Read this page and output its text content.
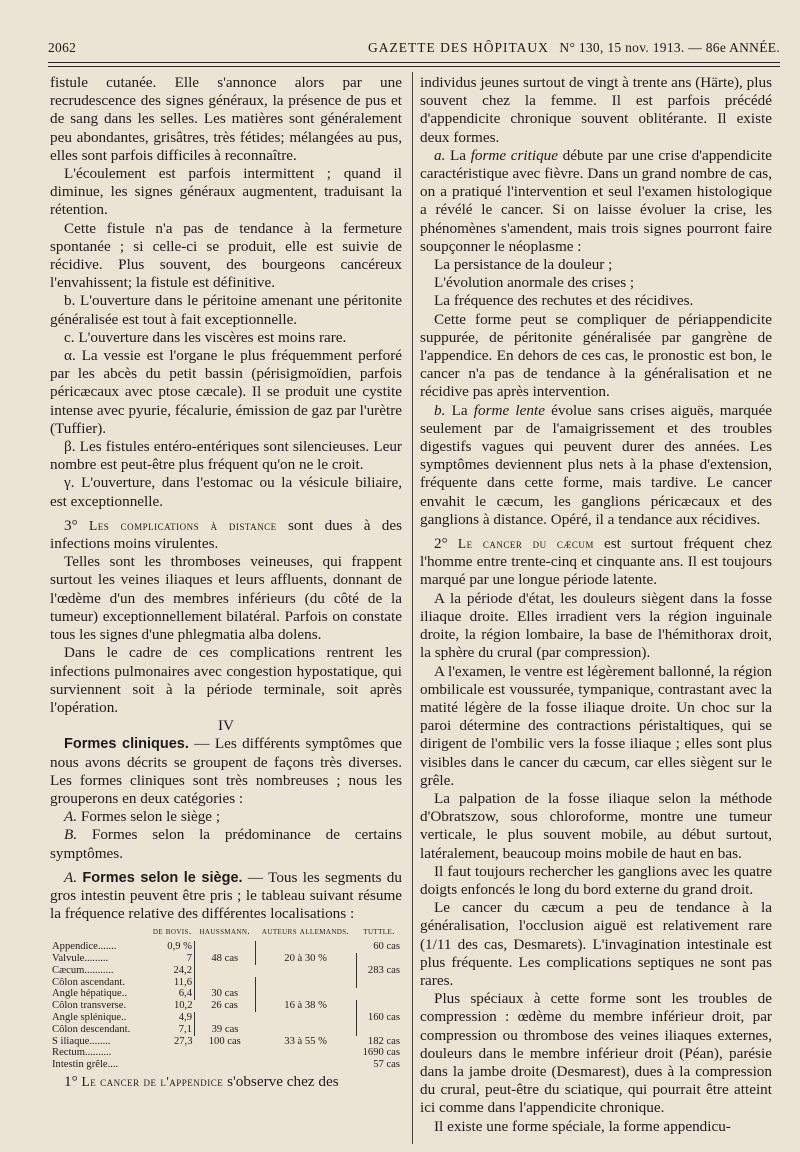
2062	GAZETTE DES HÔPITAUX N° 130, 15 nov. 1913. — 86e ANNÉE.

fistule cutanée. Elle s'annonce alors par une recrudescence des signes généraux, la présence de pus et de sang dans les selles. Les matières sont généralement peu abondantes, grisâtres, très fétides; mélangées au pus, elles sont parfois difficiles à reconnaître.

L'écoulement est parfois intermittent ; quand il diminue, les signes généraux augmentent, traduisant la rétention.

Cette fistule n'a pas de tendance à la fermeture spontanée ; si celle-ci se produit, elle est suivie de récidive. Plus souvent, des bourgeons cancéreux l'envahissent; la fistule est définitive.

b. L'ouverture dans le péritoine amenant une péritonite généralisée est tout à fait exceptionnelle.

c. L'ouverture dans les viscères est moins rare.

α. La vessie est l'organe le plus fréquemment perforé par les abcès du petit bassin (périsigmoïdien, parfois péricæcaux avec ptose cæcale). Il se produit une cystite intense avec pyurie, fécalurie, émission de gaz par l'urètre (Tuffier).

β. Les fistules entéro-entériques sont silencieuses. Leur nombre est peut-être plus fréquent qu'on ne le croit.

γ. L'ouverture, dans l'estomac ou la vésicule biliaire, est exceptionnelle.

3° Les complications à distance sont dues à des infections moins virulentes.

Telles sont les thromboses veineuses, qui frappent surtout les veines iliaques et leurs affluents, donnant de l'œdème d'un des membres inférieurs (du côté de la tumeur) exceptionnellement bilatéral. Parfois on constate tous les signes d'une phlegmatia alba dolens.

Dans le cadre de ces complications rentrent les infections pulmonaires avec congestion hypostatique, qui surviennent soit à la période terminale, soit après l'opération.

IV

Formes cliniques. — Les différents symptômes que nous avons décrits se groupent de façons très diverses. Les formes cliniques sont très nombreuses ; nous les grouperons en deux catégories :

A. Formes selon le siège ;

B. Formes selon la prédominance de certains symptômes.

A. Formes selon le siège. — Tous les segments du gros intestin peuvent être pris ; le tableau suivant résume la fréquence relative des différentes localisations :

	de bovis.	haussmann.	auteurs allemands.	tuttle.
Appendice.......	0,9 %			60 cas
Valvule.........	7	48 cas	20 à 30 %	
Cæcum...........	24,2			283 cas
Côlon ascendant.	11,6			
Angle hépatique..	6,4	30 cas		
Côlon transverse.	10,2	26 cas	16 à 38 %	
Angle splénique..	4,9			160 cas
Côlon descendant.	7,1	39 cas		
S iliaque........	27,3	100 cas	33 à 55 %	182 cas
Rectum..........				1690 cas
Intestin grêle....				57 cas

1° Le cancer de l'appendice s'observe chez des

individus jeunes surtout de vingt à trente ans (Härte), plus souvent chez la femme. Il est parfois précédé d'appendicite chronique souvent oblitérante. Il existe deux formes.

a. La forme critique débute par une crise d'appendicite caractéristique avec fièvre. Dans un grand nombre de cas, on a pratiqué l'intervention et seul l'examen histologique a révélé le cancer. Si on laisse évoluer la crise, les phénomènes s'amendent, mais trois signes pourront faire soupçonner le néoplasme :

La persistance de la douleur ;

L'évolution anormale des crises ;

La fréquence des rechutes et des récidives.

Cette forme peut se compliquer de périappendicite suppurée, de péritonite généralisée par gangrène de l'appendice. En dehors de ces cas, le pronostic est bon, le cancer n'a pas de tendance à la généralisation et ne récidive pas après intervention.

b. La forme lente évolue sans crises aiguës, marquée seulement par de l'amaigrissement et des troubles digestifs vagues qui peuvent durer des années. Les symptômes deviennent plus nets à la phase d'extension, fréquente dans cette forme, mais tardive. Le cancer envahit le cæcum, les ganglions péricæcaux et des ganglions à distance. Opéré, il a tendance aux récidives.

2° Le cancer du cæcum est surtout fréquent chez l'homme entre trente-cinq et cinquante ans. Il est toujours marqué par une longue période latente.

A la période d'état, les douleurs siègent dans la fosse iliaque droite. Elles irradient vers la région inguinale droite, la région lombaire, la base de l'hémithorax droit, la sphère du crural (par compression).

A l'examen, le ventre est légèrement ballonné, la région ombilicale est voussurée, tympanique, contrastant avec la matité légère de la fosse iliaque droite. Un choc sur la paroi détermine des contractions péristaltiques, qui se dirigent de l'ombilic vers la fosse iliaque ; elles sont plus visibles dans le cancer du cæcum, car elles siègent sur le grêle.

La palpation de la fosse iliaque selon la méthode d'Obratszow, sous chloroforme, montre une tumeur verticale, le plus souvent mobile, au début surtout, latéralement, beaucoup moins mobile de haut en bas.

Il faut toujours rechercher les ganglions avec les quatre doigts enfoncés le long du bord externe du grand droit.

Le cancer du cæcum a peu de tendance à la généralisation, l'occlusion aiguë est relativement rare (1/11 des cas, Desmarets). L'invagination intestinale est plus fréquente. Les complications septiques ne sont pas rares.

Plus spéciaux à cette forme sont les troubles de compression : œdème du membre inférieur droit, par compression ou thrombose des veines iliaques externes, douleurs dans le membre inférieur droit (Péan), parésie dans la jambe droite (Desmarest), dues à la compression du crural, peut-être du sciatique, qui pourrait être atteint ici comme dans l'appendicite chronique.

Il existe une forme spéciale, la forme appendicu-
